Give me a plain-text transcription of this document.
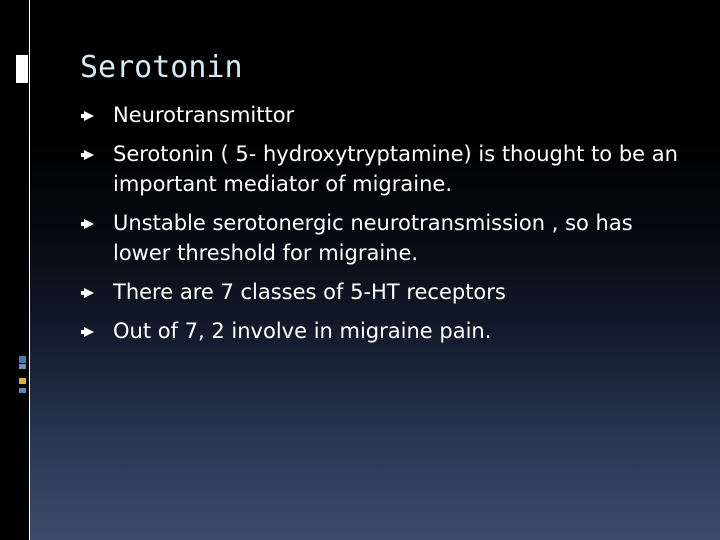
Serotonin
Neurotransmittor
Serotonin ( 5- hydroxytryptamine) is thought to be an important mediator of migraine.
Unstable serotonergic neurotransmission , so has lower threshold for migraine.
There are 7 classes of 5-HT receptors
Out of 7, 2 involve in migraine pain.
